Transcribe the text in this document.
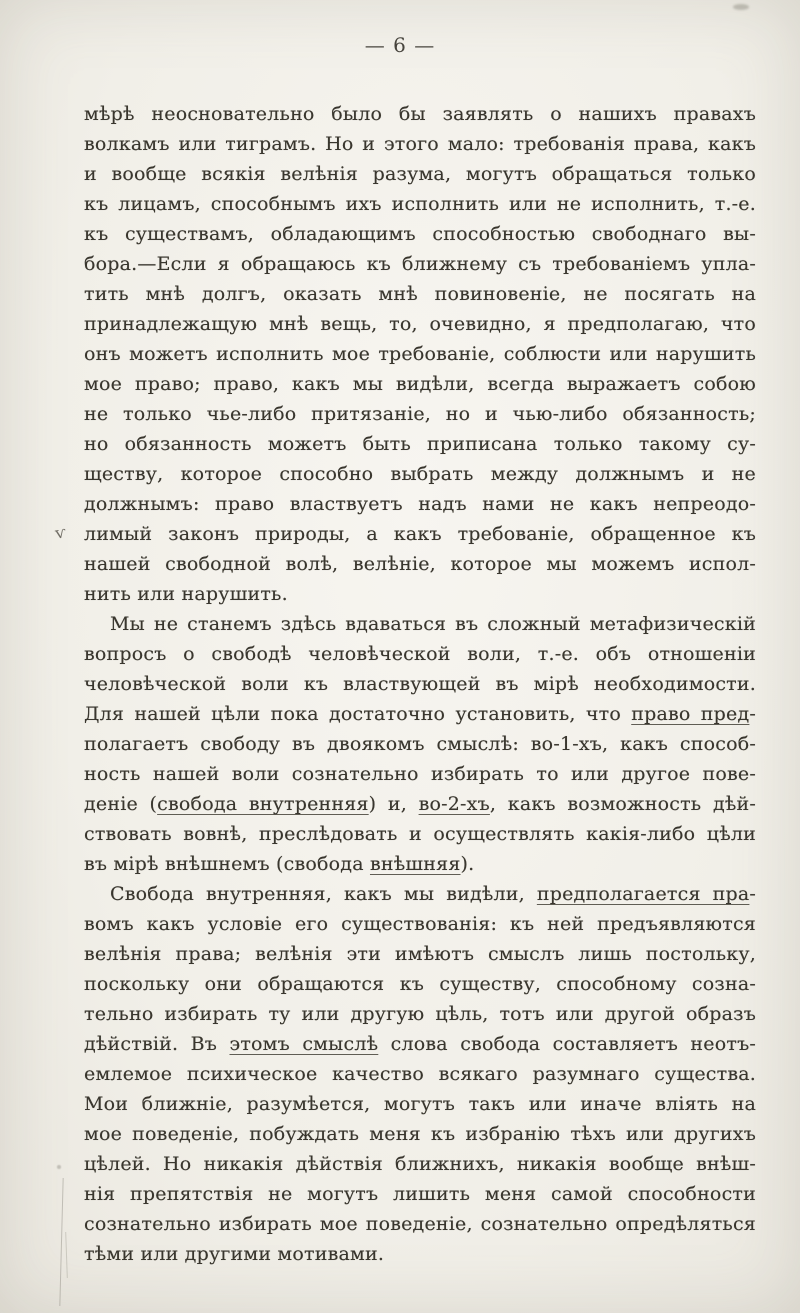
— 6 —
мѣрѣ неосновательно было бы заявлять о нашихъ правахъ
волкамъ или тиграмъ. Но и этого мало: требованія права, какъ
и вообще всякія велѣнія разума, могутъ обращаться только
къ лицамъ, способнымъ ихъ исполнить или не исполнить, т.-е.
къ существамъ, обладающимъ способностью свободнаго вы-
бора.—Если я обращаюсь къ ближнему съ требованіемъ упла-
тить мнѣ долгъ, оказать мнѣ повиновеніе, не посягать на
принадлежащую мнѣ вещь, то, очевидно, я предполагаю, что
онъ можетъ исполнить мое требованіе, соблюсти или нарушить
мое право; право, какъ мы видѣли, всегда выражаетъ собою
не только чье-либо притязаніе, но и чью-либо обязанность;
но обязанность можетъ быть приписана только такому су-
ществу, которое способно выбрать между должнымъ и не
должнымъ: право властвуетъ надъ нами не какъ непреодо-
лимый законъ природы, а какъ требованіе, обращенное къ
нашей свободной волѣ, велѣніе, которое мы можемъ испол-
нить или нарушить.
Мы не станемъ здѣсь вдаваться въ сложный метафизическій
вопросъ о свободѣ человѣческой воли, т.-е. объ отношеніи
человѣческой воли къ властвующей въ мірѣ необходимости.
Для нашей цѣли пока достаточно установить, что право пред-
полагаетъ свободу въ двоякомъ смыслѣ: во-1-хъ, какъ способ-
ность нашей воли сознательно избирать то или другое пове-
деніе (свобода внутренняя) и, во-2-хъ, какъ возможность дѣй-
ствовать вовнѣ, преслѣдовать и осуществлять какія-либо цѣли
въ мірѣ внѣшнемъ (свобода внѣшняя).
Свобода внутренняя, какъ мы видѣли, предполагается пра-
вомъ какъ условіе его существованія: къ ней предъявляются
велѣнія права; велѣнія эти имѣютъ смыслъ лишь постольку,
поскольку они обращаются къ существу, способному созна-
тельно избирать ту или другую цѣль, тотъ или другой образъ
дѣйствій. Въ этомъ смыслѣ слова свобода составляетъ неотъ-
емлемое психическое качество всякаго разумнаго существа.
Мои ближніе, разумѣется, могутъ такъ или иначе вліять на
мое поведеніе, побуждать меня къ избранію тѣхъ или другихъ
цѣлей. Но никакія дѣйствія ближнихъ, никакія вообще внѣш-
нія препятствія не могутъ лишить меня самой способности
сознательно избирать мое поведеніе, сознательно опредѣляться
тѣми или другими мотивами.
ѵ
